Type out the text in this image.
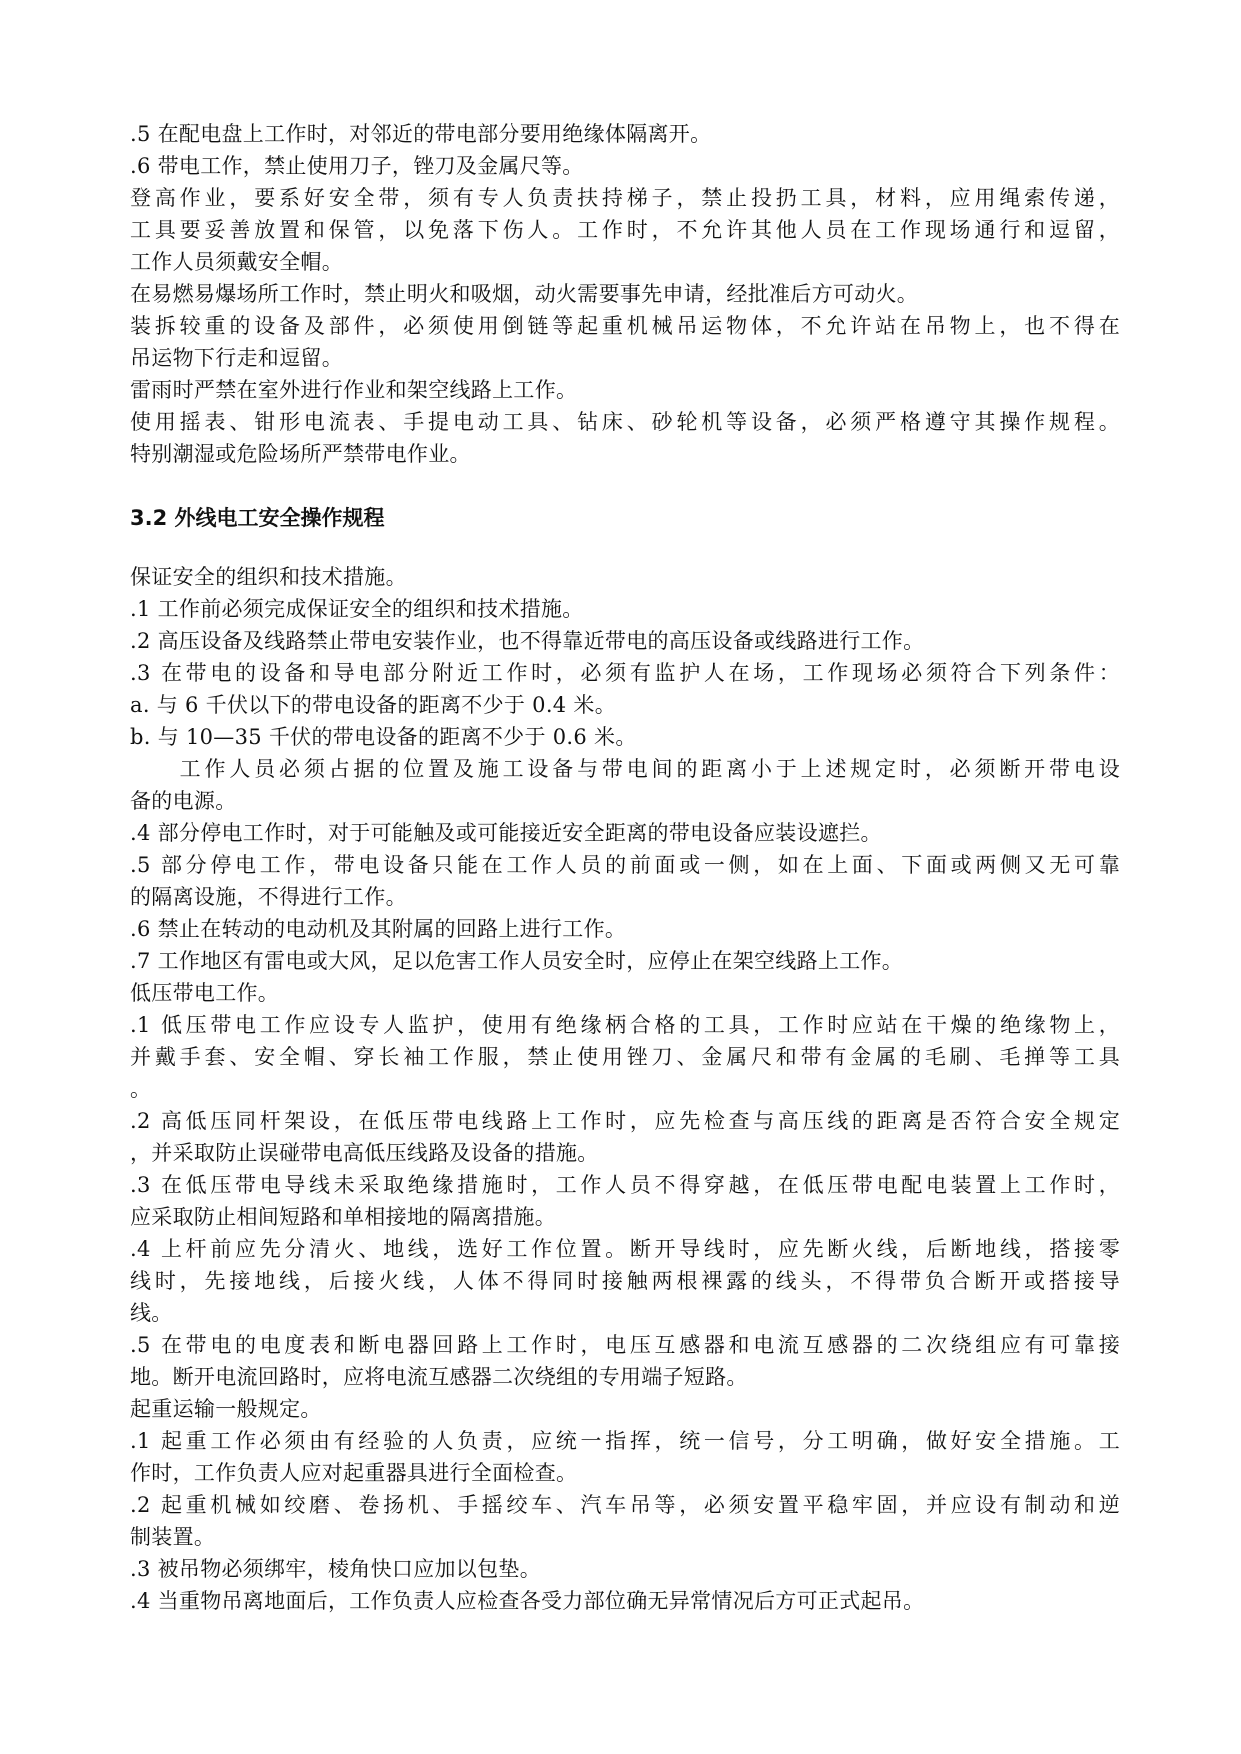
.5 在配电盘上工作时，对邻近的带电部分要用绝缘体隔离开。
.6 带电工作，禁止使用刀子，锉刀及金属尺等。
登高作业，要系好安全带，须有专人负责扶持梯子，禁止投扔工具，材料，应用绳索传递，
工具要妥善放置和保管，以免落下伤人。工作时，不允许其他人员在工作现场通行和逗留，
工作人员须戴安全帽。
在易燃易爆场所工作时，禁止明火和吸烟，动火需要事先申请，经批准后方可动火。
装拆较重的设备及部件，必须使用倒链等起重机械吊运物体，不允许站在吊物上，也不得在
吊运物下行走和逗留。
雷雨时严禁在室外进行作业和架空线路上工作。
使用摇表、钳形电流表、手提电动工具、钻床、砂轮机等设备，必须严格遵守其操作规程。
特别潮湿或危险场所严禁带电作业。
3.2 外线电工安全操作规程
保证安全的组织和技术措施。
.1 工作前必须完成保证安全的组织和技术措施。
.2 高压设备及线路禁止带电安装作业，也不得靠近带电的高压设备或线路进行工作。
.3 在带电的设备和导电部分附近工作时，必须有监护人在场，工作现场必须符合下列条件：
a. 与 6 千伏以下的带电设备的距离不少于 0.4 米。
b. 与 10—35 千伏的带电设备的距离不少于 0.6 米。
　　工作人员必须占据的位置及施工设备与带电间的距离小于上述规定时，必须断开带电设
备的电源。
.4 部分停电工作时，对于可能触及或可能接近安全距离的带电设备应装设遮拦。
.5 部分停电工作，带电设备只能在工作人员的前面或一侧，如在上面、下面或两侧又无可靠
的隔离设施，不得进行工作。
.6 禁止在转动的电动机及其附属的回路上进行工作。
.7 工作地区有雷电或大风，足以危害工作人员安全时，应停止在架空线路上工作。
低压带电工作。
.1 低压带电工作应设专人监护，使用有绝缘柄合格的工具，工作时应站在干燥的绝缘物上，
并戴手套、安全帽、穿长袖工作服，禁止使用锉刀、金属尺和带有金属的毛刷、毛掸等工具
。
.2 高低压同杆架设，在低压带电线路上工作时，应先检查与高压线的距离是否符合安全规定
，并采取防止误碰带电高低压线路及设备的措施。
.3 在低压带电导线未采取绝缘措施时，工作人员不得穿越，在低压带电配电装置上工作时，
应采取防止相间短路和单相接地的隔离措施。
.4 上杆前应先分清火、地线，选好工作位置。断开导线时，应先断火线，后断地线，搭接零
线时，先接地线，后接火线，人体不得同时接触两根裸露的线头，不得带负合断开或搭接导
线。
.5 在带电的电度表和断电器回路上工作时，电压互感器和电流互感器的二次绕组应有可靠接
地。断开电流回路时，应将电流互感器二次绕组的专用端子短路。
起重运输一般规定。
.1 起重工作必须由有经验的人负责，应统一指挥，统一信号，分工明确，做好安全措施。工
作时，工作负责人应对起重器具进行全面检查。
.2 起重机械如绞磨、卷扬机、手摇绞车、汽车吊等，必须安置平稳牢固，并应设有制动和逆
制装置。
.3 被吊物必须绑牢，棱角快口应加以包垫。
.4 当重物吊离地面后，工作负责人应检查各受力部位确无异常情况后方可正式起吊。
